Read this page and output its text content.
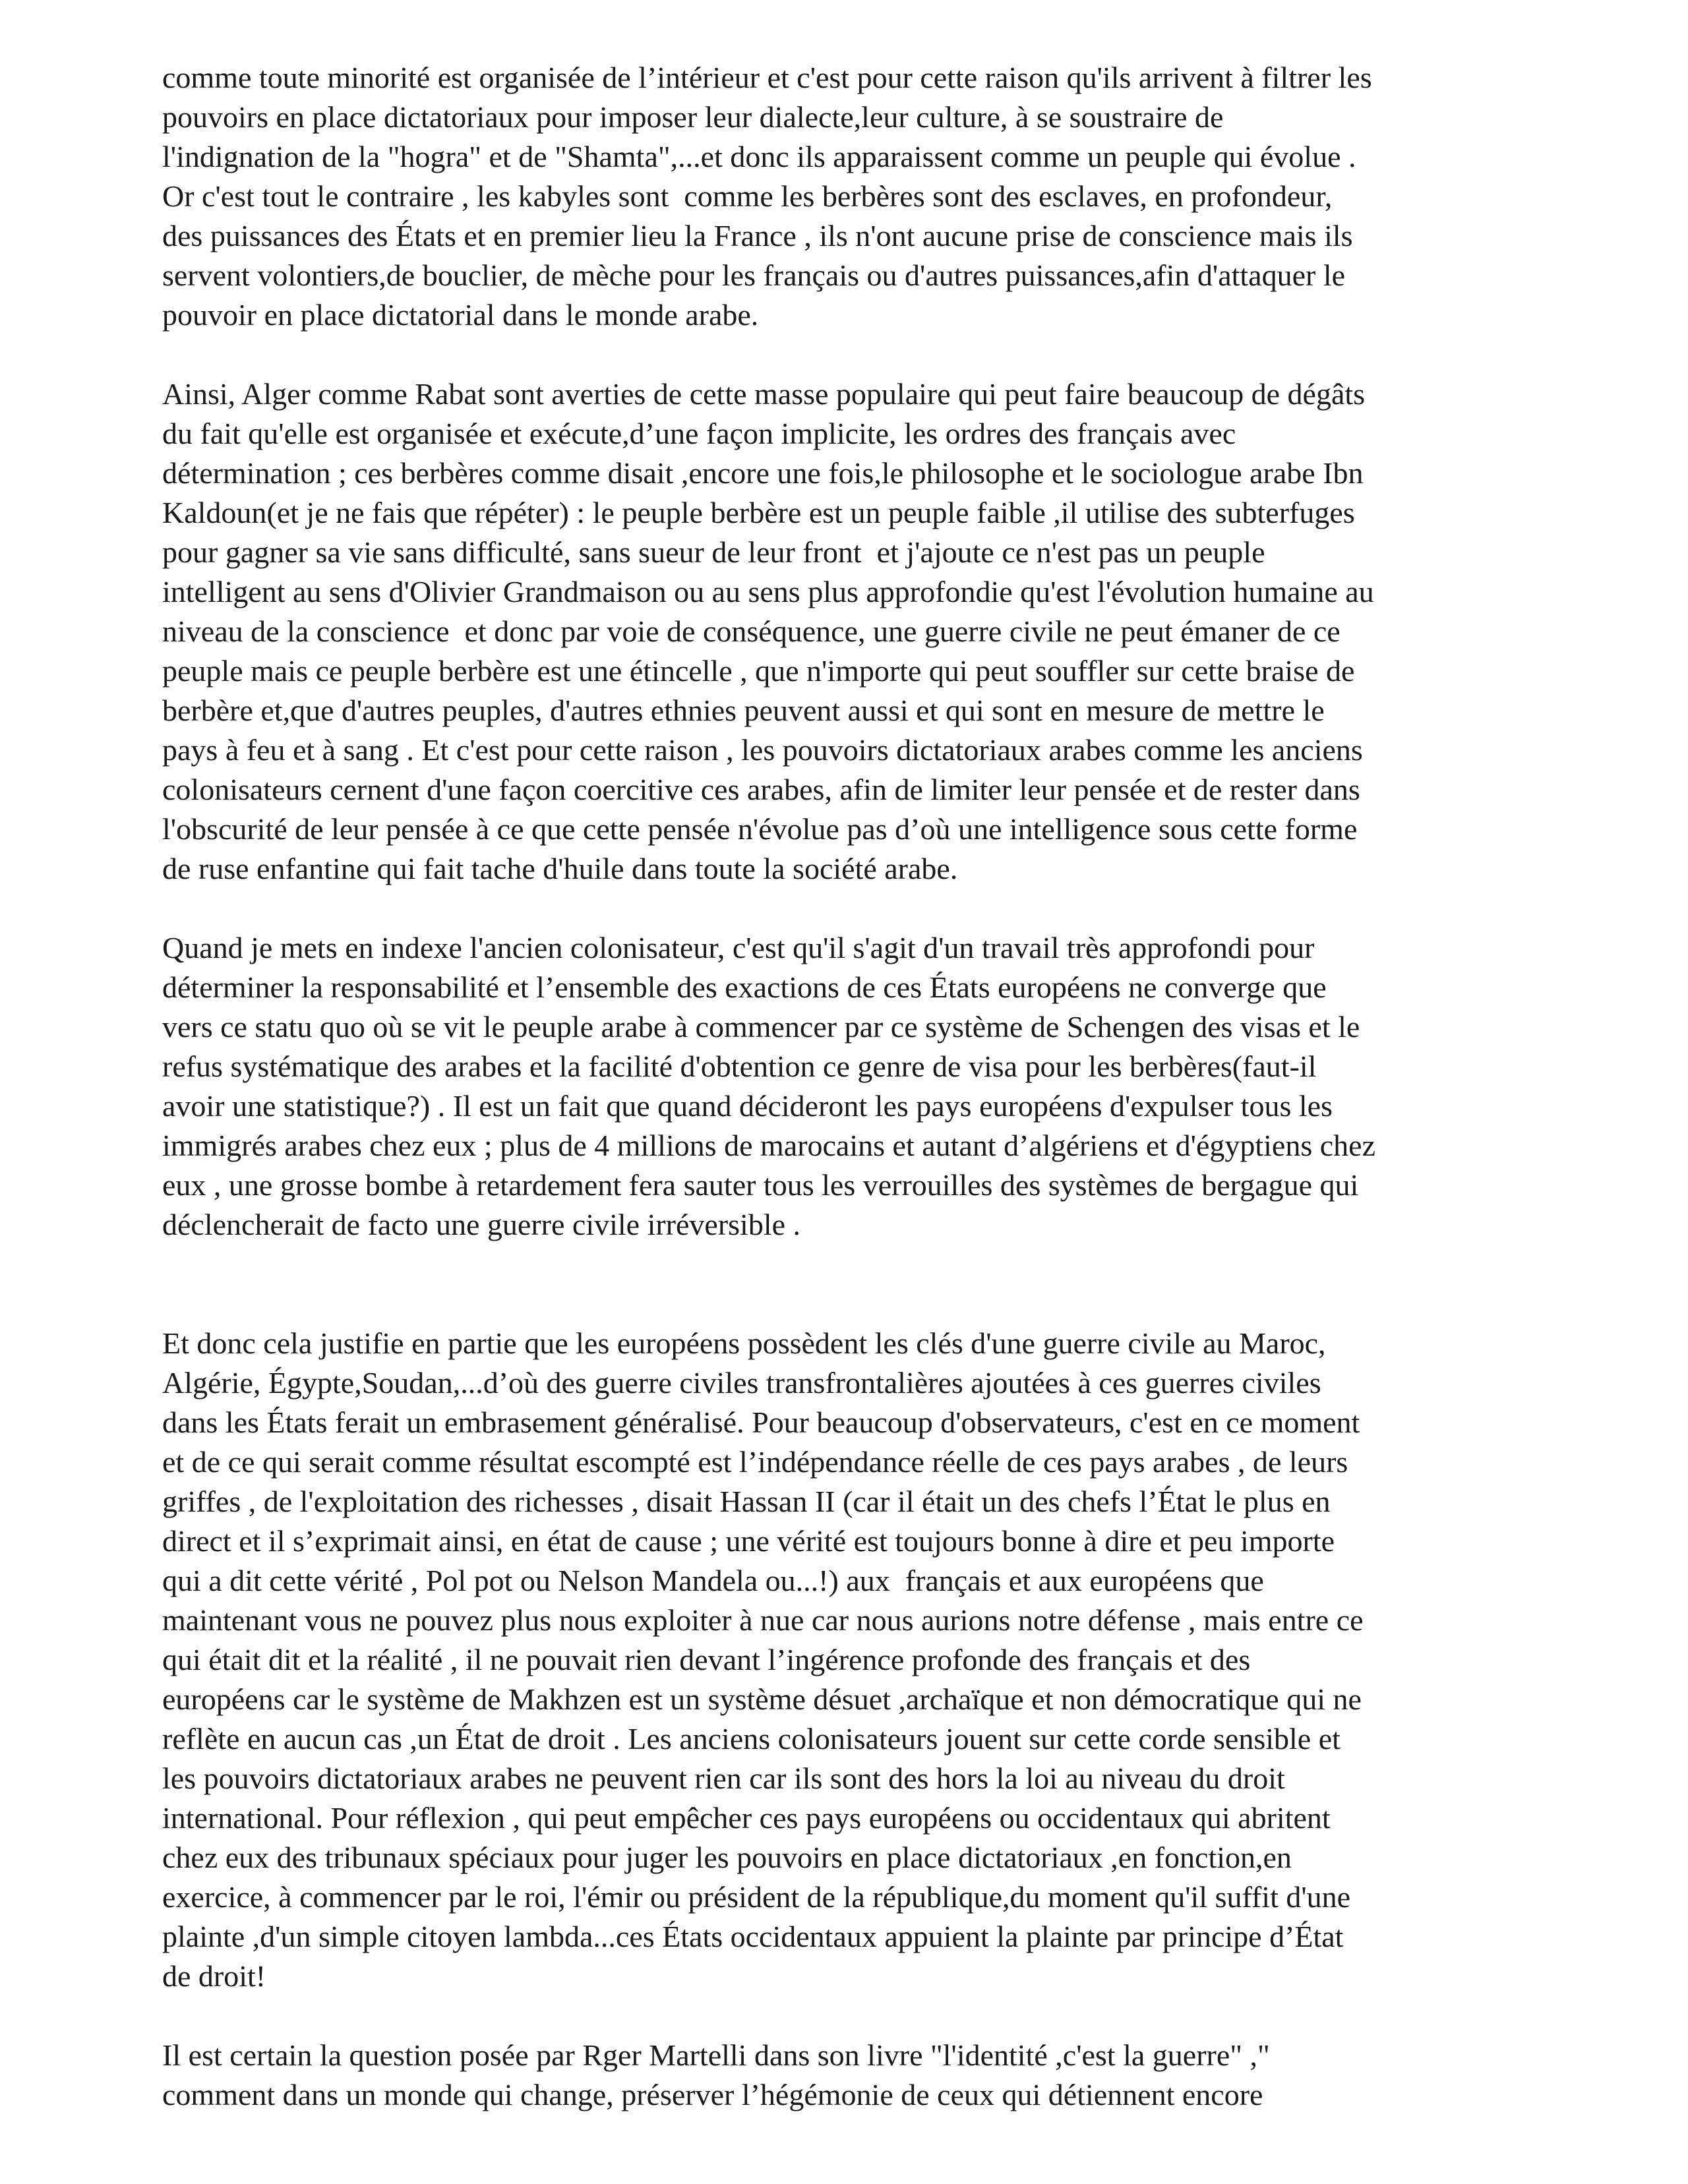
comme toute minorité est organisée de l’intérieur et c'est pour cette raison qu'ils arrivent à filtrer les
pouvoirs en place dictatoriaux pour imposer leur dialecte,leur culture, à se soustraire de
l'indignation de la "hogra" et de "Shamta",...et donc ils apparaissent comme un peuple qui évolue .
Or c'est tout le contraire , les kabyles sont  comme les berbères sont des esclaves, en profondeur,
des puissances des États et en premier lieu la France , ils n'ont aucune prise de conscience mais ils
servent volontiers,de bouclier, de mèche pour les français ou d'autres puissances,afin d'attaquer le
pouvoir en place dictatorial dans le monde arabe.
Ainsi, Alger comme Rabat sont averties de cette masse populaire qui peut faire beaucoup de dégâts
du fait qu'elle est organisée et exécute,d’une façon implicite, les ordres des français avec
détermination ; ces berbères comme disait ,encore une fois,le philosophe et le sociologue arabe Ibn
Kaldoun(et je ne fais que répéter) : le peuple berbère est un peuple faible ,il utilise des subterfuges
pour gagner sa vie sans difficulté, sans sueur de leur front  et j'ajoute ce n'est pas un peuple
intelligent au sens d'Olivier Grandmaison ou au sens plus approfondie qu'est l'évolution humaine au
niveau de la conscience  et donc par voie de conséquence, une guerre civile ne peut émaner de ce
peuple mais ce peuple berbère est une étincelle , que n'importe qui peut souffler sur cette braise de
berbère et,que d'autres peuples, d'autres ethnies peuvent aussi et qui sont en mesure de mettre le
pays à feu et à sang . Et c'est pour cette raison , les pouvoirs dictatoriaux arabes comme les anciens
colonisateurs cernent d'une façon coercitive ces arabes, afin de limiter leur pensée et de rester dans
l'obscurité de leur pensée à ce que cette pensée n'évolue pas d’où une intelligence sous cette forme
de ruse enfantine qui fait tache d'huile dans toute la société arabe.
Quand je mets en indexe l'ancien colonisateur, c'est qu'il s'agit d'un travail très approfondi pour
déterminer la responsabilité et l’ensemble des exactions de ces États européens ne converge que
vers ce statu quo où se vit le peuple arabe à commencer par ce système de Schengen des visas et le
refus systématique des arabes et la facilité d'obtention ce genre de visa pour les berbères(faut-il
avoir une statistique?) . Il est un fait que quand décideront les pays européens d'expulser tous les
immigrés arabes chez eux ; plus de 4 millions de marocains et autant d’algériens et d'égyptiens chez
eux , une grosse bombe à retardement fera sauter tous les verrouilles des systèmes de bergague qui
déclencherait de facto une guerre civile irréversible .
Et donc cela justifie en partie que les européens possèdent les clés d'une guerre civile au Maroc,
Algérie, Égypte,Soudan,...d’où des guerre civiles transfrontalières ajoutées à ces guerres civiles
dans les États ferait un embrasement généralisé. Pour beaucoup d'observateurs, c'est en ce moment
et de ce qui serait comme résultat escompté est l’indépendance réelle de ces pays arabes , de leurs
griffes , de l'exploitation des richesses , disait Hassan II (car il était un des chefs l’État le plus en
direct et il s’exprimait ainsi, en état de cause ; une vérité est toujours bonne à dire et peu importe
qui a dit cette vérité , Pol pot ou Nelson Mandela ou...!) aux  français et aux européens que
maintenant vous ne pouvez plus nous exploiter à nue car nous aurions notre défense , mais entre ce
qui était dit et la réalité , il ne pouvait rien devant l’ingérence profonde des français et des
européens car le système de Makhzen est un système désuet ,archaïque et non démocratique qui ne
reflète en aucun cas ,un État de droit . Les anciens colonisateurs jouent sur cette corde sensible et
les pouvoirs dictatoriaux arabes ne peuvent rien car ils sont des hors la loi au niveau du droit
international. Pour réflexion , qui peut empêcher ces pays européens ou occidentaux qui abritent
chez eux des tribunaux spéciaux pour juger les pouvoirs en place dictatoriaux ,en fonction,en
exercice, à commencer par le roi, l'émir ou président de la république,du moment qu'il suffit d'une
plainte ,d'un simple citoyen lambda...ces États occidentaux appuient la plainte par principe d’État
de droit!
Il est certain la question posée par Rger Martelli dans son livre "l'identité ,c'est la guerre" ,"
comment dans un monde qui change, préserver l’hégémonie de ceux qui détiennent encore
